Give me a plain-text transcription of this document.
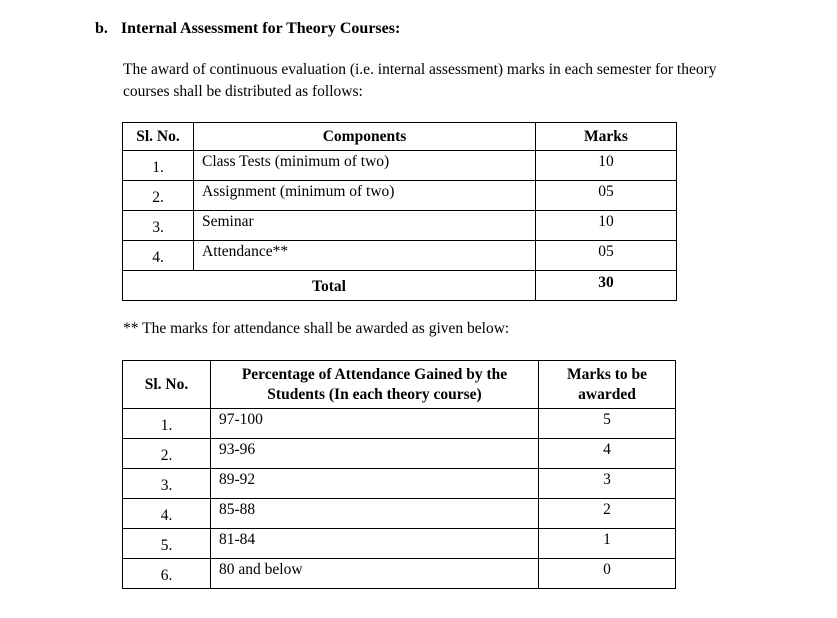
b. Internal Assessment for Theory Courses:

The award of continuous evaluation (i.e. internal assessment) marks in each semester for theory courses shall be distributed as follows:

Sl. No.	Components	Marks
1.	Class Tests (minimum of two)	10
2.	Assignment (minimum of two)	05
3.	Seminar	10
4.	Attendance**	05
Total		30

** The marks for attendance shall be awarded as given below:

Sl. No.	Percentage of Attendance Gained by the Students (In each theory course)	Marks to be awarded
1.	97-100	5
2.	93-96	4
3.	89-92	3
4.	85-88	2
5.	81-84	1
6.	80 and below	0
